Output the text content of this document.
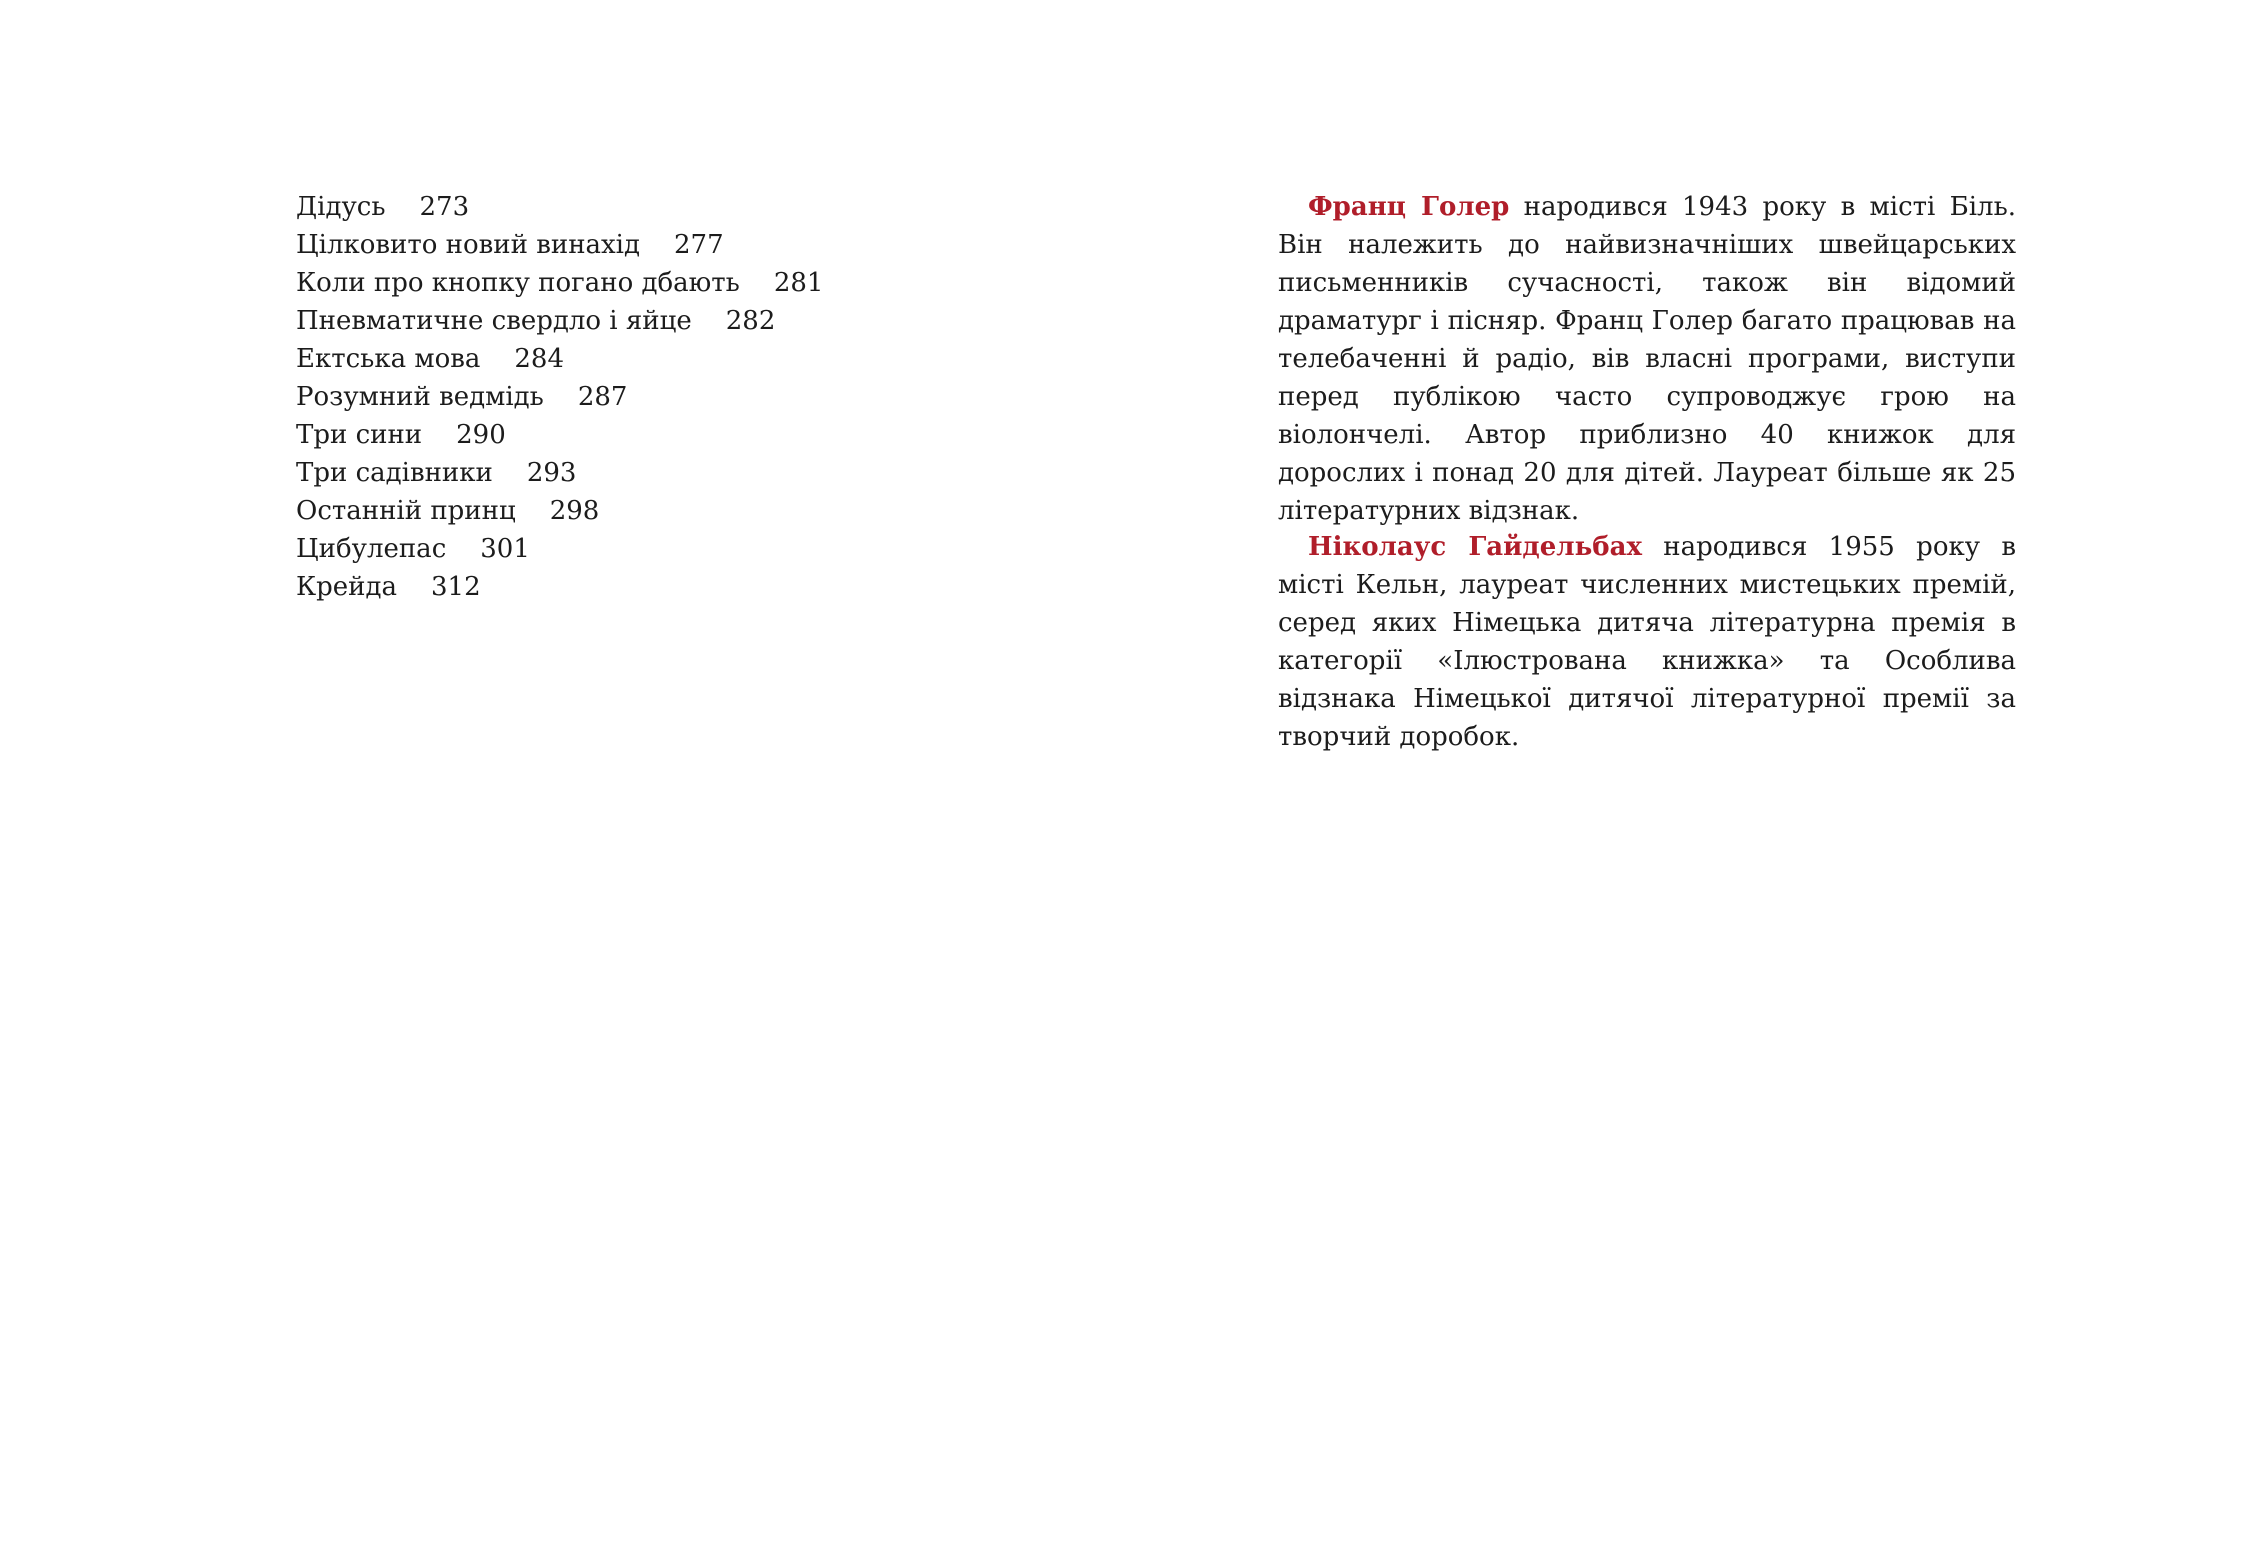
Дідусь 273
Цілковито новий винахід 277
Коли про кнопку погано дбають 281
Пневматичне свердло і яйце 282
Ектська мова 284
Розумний ведмідь 287
Три сини 290
Три садівники 293
Останній принц 298
Цибулепас 301
Крейда 312

Франц Голер народився 1943 року в місті Біль. Він належить до найвизначніших швейцарських письменників сучасності, також він відомий драматург і пісняр. Франц Голер багато працював на телебаченні й радіо, вів власні програми, виступи перед публікою часто супроводжує грою на віолончелі. Автор приблизно 40 книжок для дорослих і понад 20 для дітей. Лауреат більше як 25 літературних відзнак.

Ніколаус Гайдельбах народився 1955 року в місті Кельн, лауреат численних мистецьких премій, серед яких Німецька дитяча літературна премія в категорії «Ілюстрована книжка» та Особлива відзнака Німецької дитячої літературної премії за творчий доробок.
